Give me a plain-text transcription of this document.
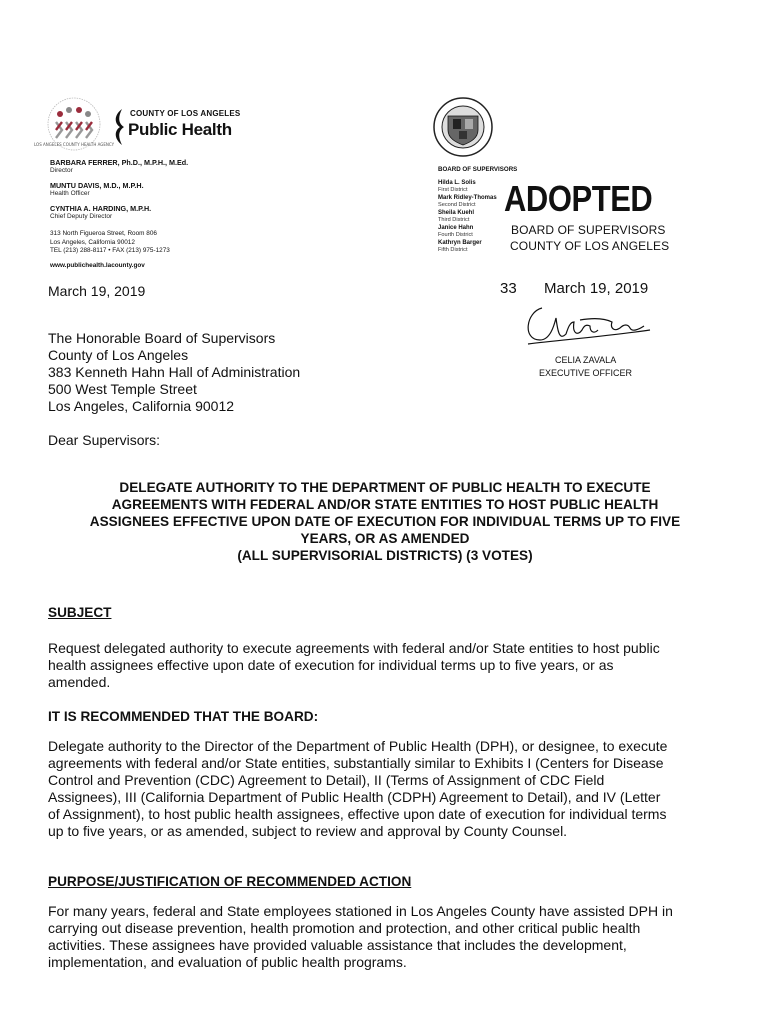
LOS ANGELES COUNTY HEALTH AGENCY
COUNTY OF LOS ANGELES
Public Health
BARBARA FERRER, Ph.D., M.P.H., M.Ed.
Director
MUNTU DAVIS, M.D., M.P.H.
Health Officer
CYNTHIA A. HARDING, M.P.H.
Chief Deputy Director
313 North Figueroa Street, Room 806
Los Angeles, California 90012
TEL (213) 288-8117 • FAX (213) 975-1273
www.publichealth.lacounty.gov
BOARD OF SUPERVISORS
Hilda L. Solis
First District
Mark Ridley-Thomas
Second District
Sheila Kuehl
Third District
Janice Hahn
Fourth District
Kathryn Barger
Fifth District
ADOPTED
BOARD OF SUPERVISORS
COUNTY OF LOS ANGELES
33 March 19, 2019
CELIA ZAVALA
EXECUTIVE OFFICER
March 19, 2019
The Honorable Board of Supervisors
County of Los Angeles
383 Kenneth Hahn Hall of Administration
500 West Temple Street
Los Angeles, California 90012
Dear Supervisors:
DELEGATE AUTHORITY TO THE DEPARTMENT OF PUBLIC HEALTH TO EXECUTE
AGREEMENTS WITH FEDERAL AND/OR STATE ENTITIES TO HOST PUBLIC HEALTH
ASSIGNEES EFFECTIVE UPON DATE OF EXECUTION FOR INDIVIDUAL TERMS UP TO FIVE
YEARS, OR AS AMENDED
(ALL SUPERVISORIAL DISTRICTS) (3 VOTES)
SUBJECT
Request delegated authority to execute agreements with federal and/or State entities to host public
health assignees effective upon date of execution for individual terms up to five years, or as
amended.
IT IS RECOMMENDED THAT THE BOARD:
Delegate authority to the Director of the Department of Public Health (DPH), or designee, to execute
agreements with federal and/or State entities, substantially similar to Exhibits I (Centers for Disease
Control and Prevention (CDC) Agreement to Detail), II (Terms of Assignment of CDC Field
Assignees), III (California Department of Public Health (CDPH) Agreement to Detail), and IV (Letter
of Assignment), to host public health assignees, effective upon date of execution for individual terms
up to five years, or as amended, subject to review and approval by County Counsel.
PURPOSE/JUSTIFICATION OF RECOMMENDED ACTION
For many years, federal and State employees stationed in Los Angeles County have assisted DPH in
carrying out disease prevention, health promotion and protection, and other critical public health
activities. These assignees have provided valuable assistance that includes the development,
implementation, and evaluation of public health programs.
